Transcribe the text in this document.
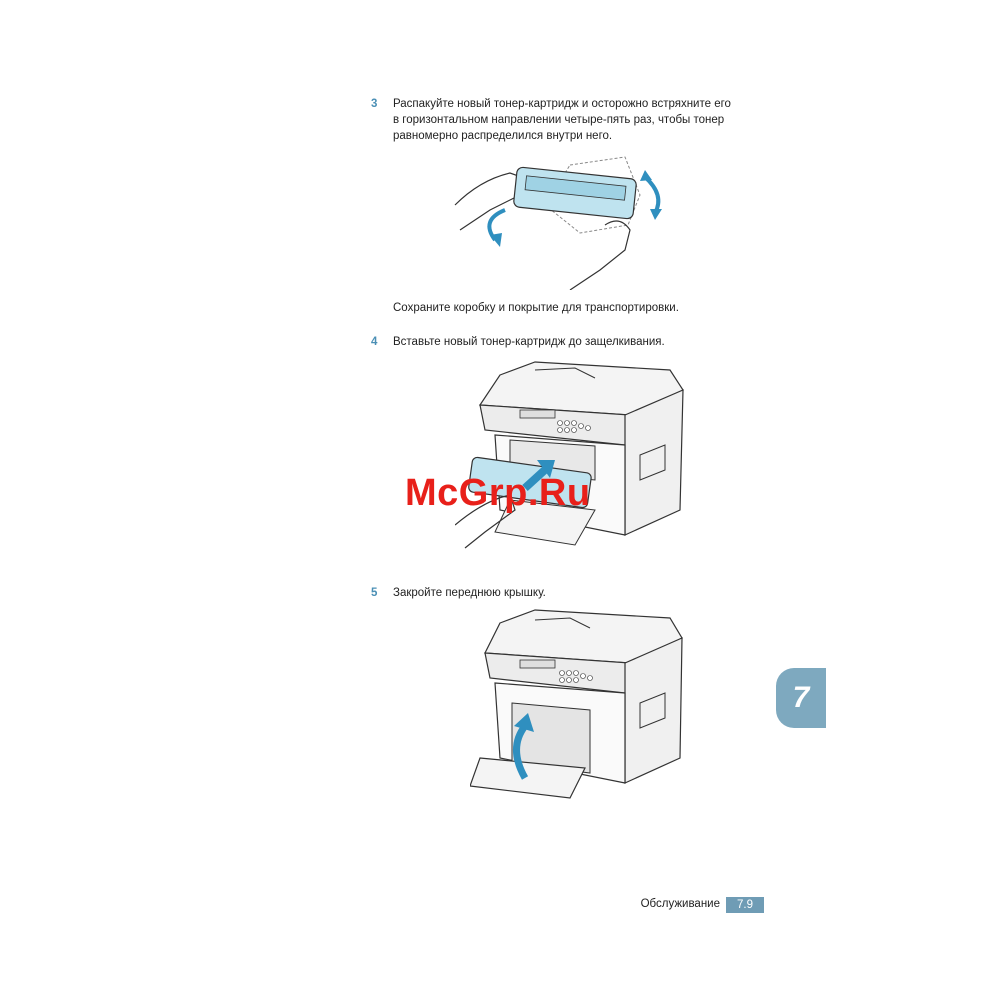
3 Распакуйте новый тонер-картридж и осторожно встряхните его
в горизонтальном направлении четыре-пять раз, чтобы тонер
равномерно распределился внутри него.
Сохраните коробку и покрытие для транспортировки.
4 Вставьте новый тонер-картридж до защелкивания.
McGrp.Ru
5 Закройте переднюю крышку.
7
Обслуживание	7.9
